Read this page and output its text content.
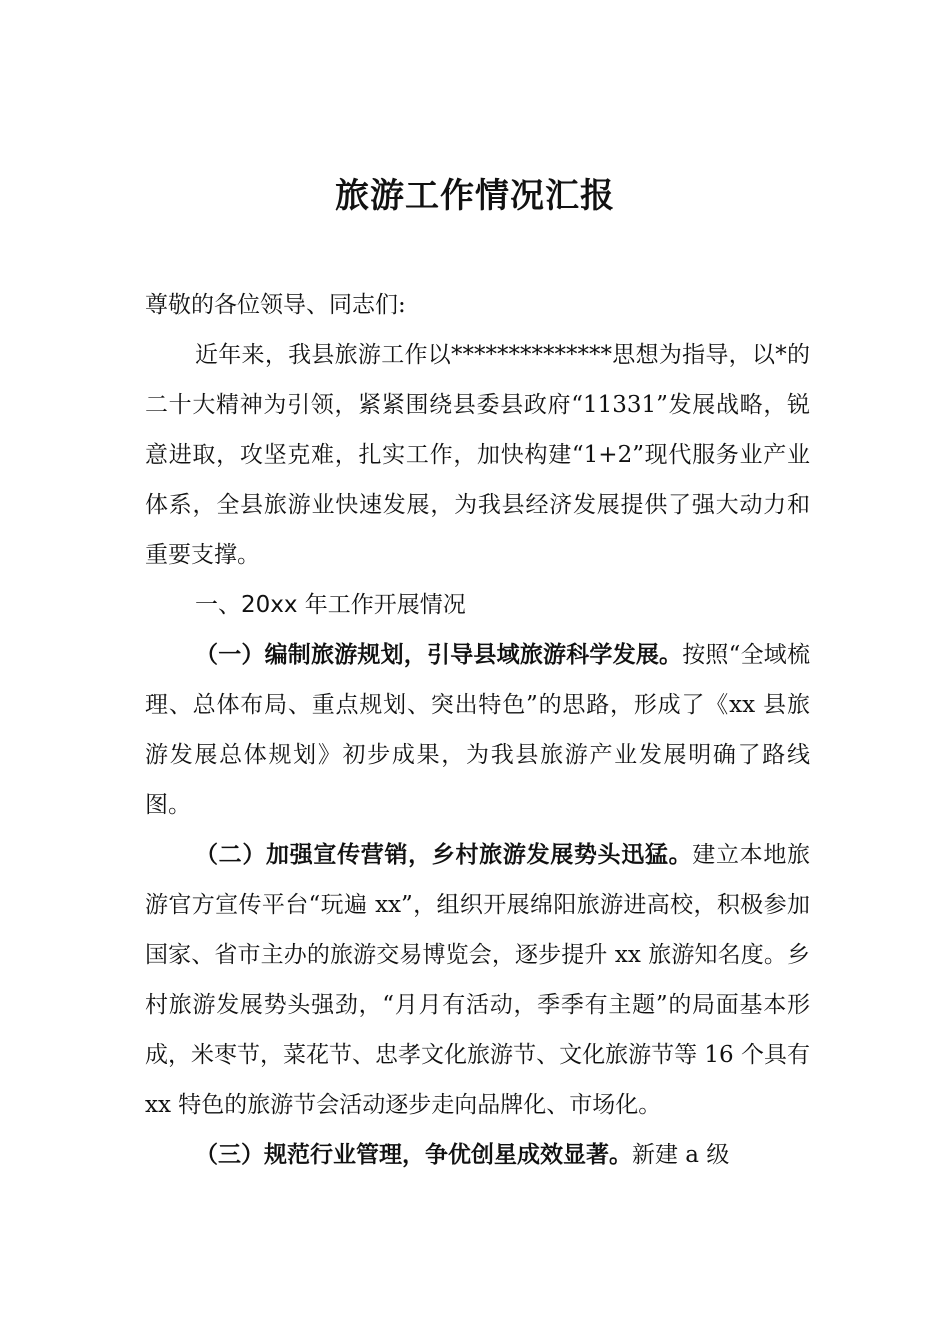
旅游工作情况汇报

尊敬的各位领导、同志们:

近年来，我县旅游工作以**************思想为指导，以*的二十大精神为引领，紧紧围绕县委县政府“11331”发展战略，锐意进取，攻坚克难，扎实工作，加快构建“1+2”现代服务业产业体系，全县旅游业快速发展，为我县经济发展提供了强大动力和重要支撑。

一、20xx 年工作开展情况

（一）编制旅游规划，引导县域旅游科学发展。按照“全域梳理、总体布局、重点规划、突出特色”的思路，形成了《xx 县旅游发展总体规划》初步成果，为我县旅游产业发展明确了路线图。

（二）加强宣传营销，乡村旅游发展势头迅猛。建立本地旅游官方宣传平台“玩遍 xx”，组织开展绵阳旅游进高校，积极参加国家、省市主办的旅游交易博览会，逐步提升 xx 旅游知名度。乡村旅游发展势头强劲，“月月有活动，季季有主题”的局面基本形成，米枣节，菜花节、忠孝文化旅游节、文化旅游节等 16 个具有 xx 特色的旅游节会活动逐步走向品牌化、市场化。

（三）规范行业管理，争优创星成效显著。新建 a 级
